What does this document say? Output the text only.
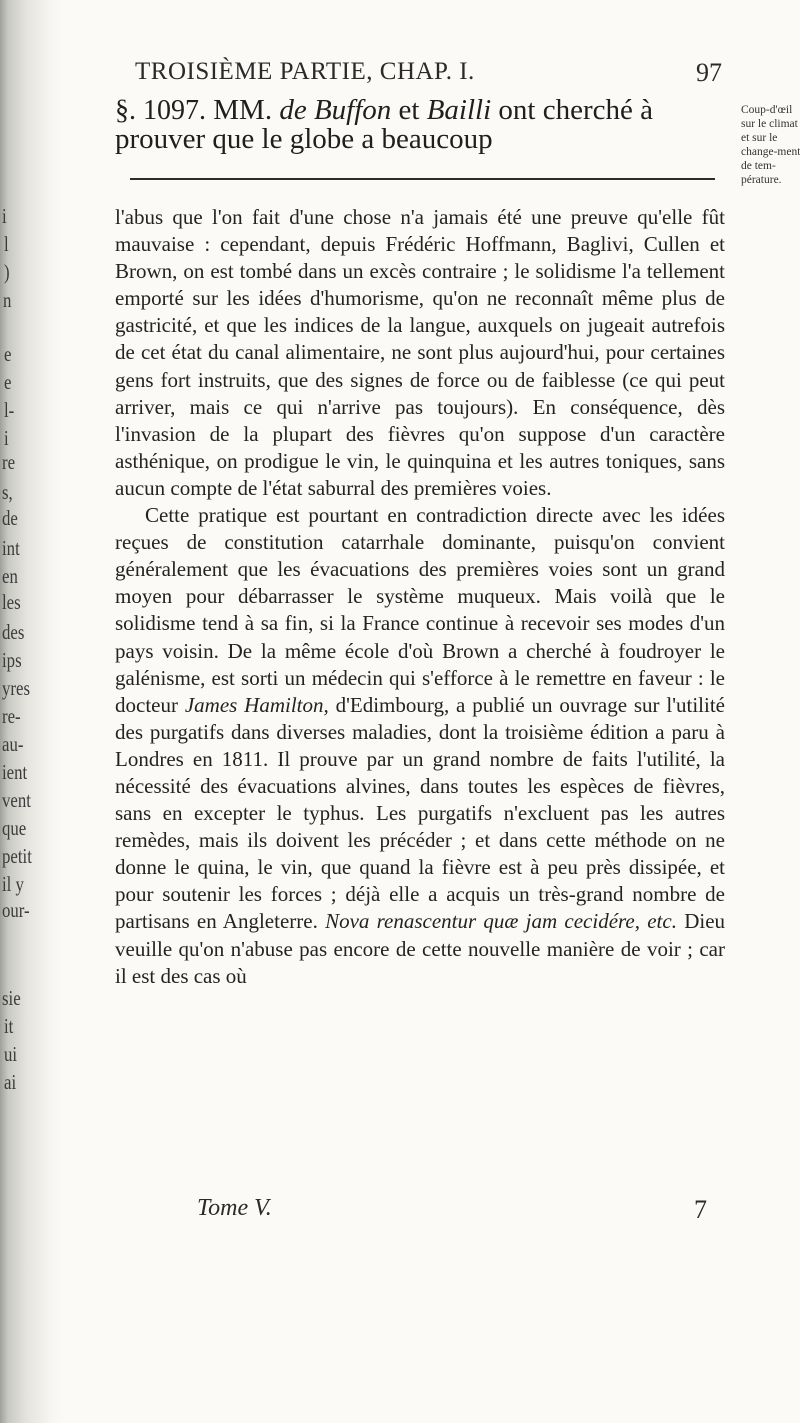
i
l
)
n
e
e
l-
i
re
s,
de
int
en
les
des
ips
yres
re-
au-
ient
vent
que
petit
il y
our-
sie
it
ui
ai
TROISIÈME PARTIE, CHAP. I.	97
§. 1097. MM. de Buffon et Bailli ont cherché à prouver que le globe a beaucoup
Coup-d'œil sur le climat et sur le change-ment de tem-pérature.

l'abus que l'on fait d'une chose n'a jamais été une preuve qu'elle fût mauvaise : cependant, depuis Frédéric Hoffmann, Baglivi, Cullen et Brown, on est tombé dans un excès contraire ; le solidisme l'a tellement emporté sur les idées d'humorisme, qu'on ne reconnaît même plus de gastricité, et que les indices de la langue, auxquels on jugeait autrefois de cet état du canal alimentaire, ne sont plus aujourd'hui, pour certaines gens fort instruits, que des signes de force ou de faiblesse (ce qui peut arriver, mais ce qui n'arrive pas toujours). En conséquence, dès l'invasion de la plupart des fièvres qu'on suppose d'un caractère asthénique, on prodigue le vin, le quinquina et les autres toniques, sans aucun compte de l'état saburral des premières voies.

Cette pratique est pourtant en contradiction directe avec les idées reçues de constitution catarrhale dominante, puisqu'on convient généralement que les évacuations des premières voies sont un grand moyen pour débarrasser le système muqueux. Mais voilà que le solidisme tend à sa fin, si la France continue à recevoir ses modes d'un pays voisin. De la même école d'où Brown a cherché à foudroyer le galénisme, est sorti un médecin qui s'efforce à le remettre en faveur : le docteur James Hamilton, d'Edimbourg, a publié un ouvrage sur l'utilité des purgatifs dans diverses maladies, dont la troisième édition a paru à Londres en 1811. Il prouve par un grand nombre de faits l'utilité, la nécessité des évacuations alvines, dans toutes les espèces de fièvres, sans en excepter le typhus. Les purgatifs n'excluent pas les autres remèdes, mais ils doivent les précéder ; et dans cette méthode on ne donne le quina, le vin, que quand la fièvre est à peu près dissipée, et pour soutenir les forces ; déjà elle a acquis un très-grand nombre de partisans en Angleterre. Nova renascentur quæ jam cecidére, etc. Dieu veuille qu'on n'abuse pas encore de cette nouvelle manière de voir ; car il est des cas où

Tome V.	7
